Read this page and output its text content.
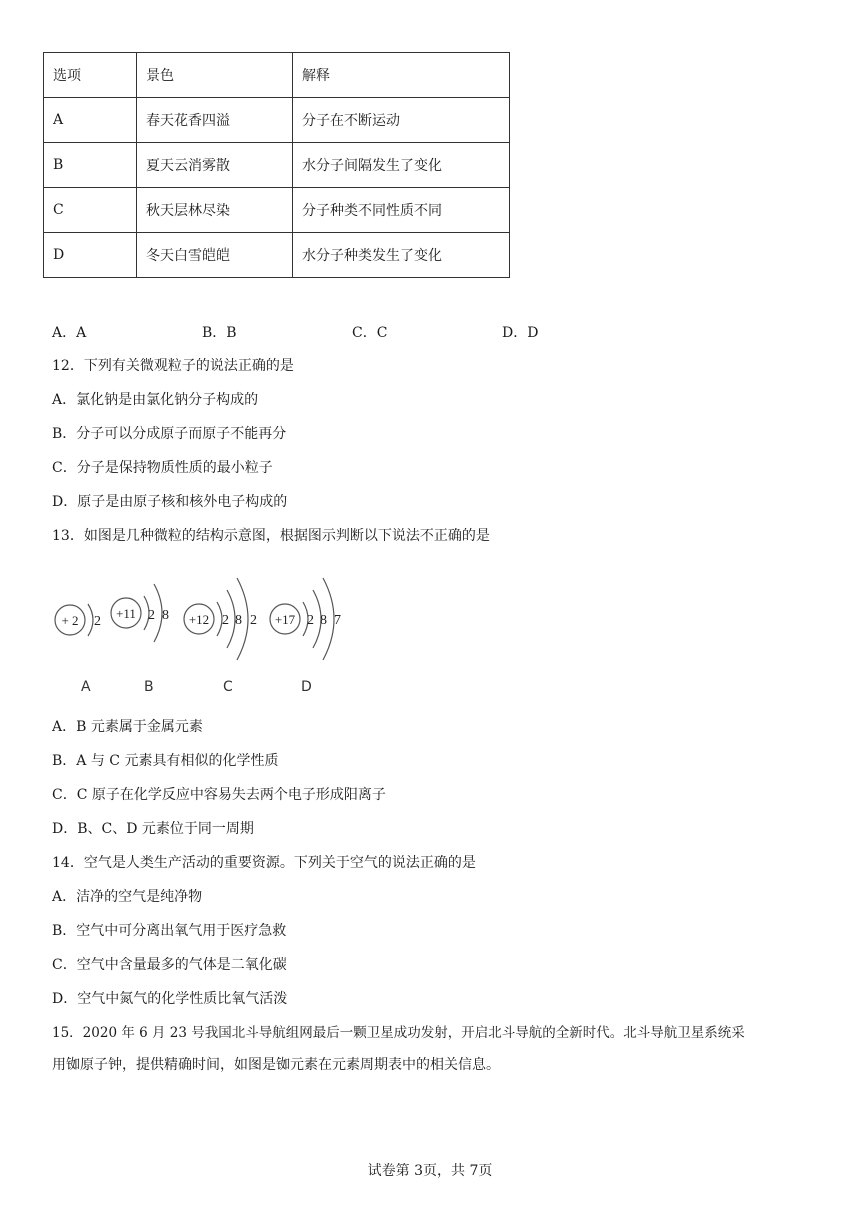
选项	景色	解释
A	春天花香四溢	分子在不断运动
B	夏天云消雾散	水分子间隔发生了变化
C	秋天层林尽染	分子种类不同性质不同
D	冬天白雪皑皑	水分子种类发生了变化
A．A	B．B	C．C	D．D
12．下列有关微观粒子的说法正确的是
A．氯化钠是由氯化钠分子构成的
B．分子可以分成原子而原子不能再分
C．分子是保持物质性质的最小粒子
D．原子是由原子核和核外电子构成的
13．如图是几种微粒的结构示意图，根据图示判断以下说法不正确的是
+ 2 2
+11 2 8 +12 2 8 2 +17 2 8 7
A	B	C	D
A．B 元素属于金属元素
B．A 与 C 元素具有相似的化学性质
C．C 原子在化学反应中容易失去两个电子形成阳离子
D．B、C、D 元素位于同一周期
14．空气是人类生产活动的重要资源。下列关于空气的说法正确的是
A．洁净的空气是纯净物
B．空气中可分离出氧气用于医疗急救
C．空气中含量最多的气体是二氧化碳
D．空气中氮气的化学性质比氧气活泼
15．2020 年 6 月 23 号我国北斗导航组网最后一颗卫星成功发射，开启北斗导航的全新时代。北斗导航卫星系统采
用铷原子钟，提供精确时间，如图是铷元素在元素周期表中的相关信息。
试卷第 3页，共 7页
